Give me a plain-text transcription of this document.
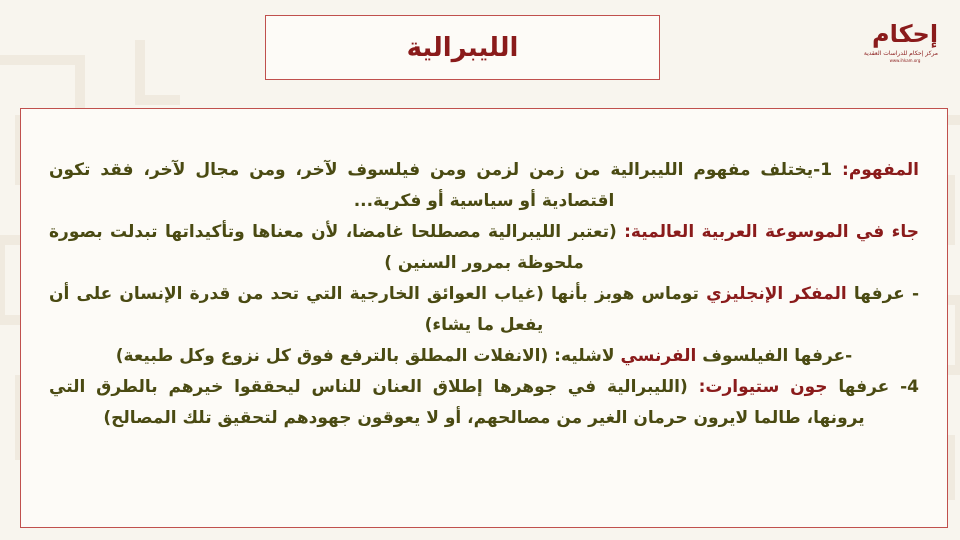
إحكام
مركز إحكام للدراسات العقدية
www.ihkam.org
الليبرالية

المفهوم: 1-يختلف مفهوم الليبرالية من زمن لزمن ومن فيلسوف لآخر، ومن مجال لآخر، فقد تكون اقتصادية أو سياسية أو فكرية...

جاء في الموسوعة العربية العالمية: (تعتبر الليبرالية مصطلحا غامضا، لأن معناها وتأكيداتها تبدلت بصورة ملحوظة بمرور السنين )

- عرفها المفكر الإنجليزي توماس هوبز بأنها (غياب العوائق الخارجية التي تحد من قدرة الإنسان على أن يفعل ما يشاء)

-عرفها الفيلسوف الفرنسي لاشليه: (الانفلات المطلق بالترفع فوق كل نزوع وكل طبيعة)

4- عرفها جون ستيوارت: (الليبرالية في جوهرها إطلاق العنان للناس ليحققوا خيرهم بالطرق التي يرونها، طالما لايرون حرمان الغير من مصالحهم، أو لا يعوقون جهودهم لتحقيق تلك المصالح)
